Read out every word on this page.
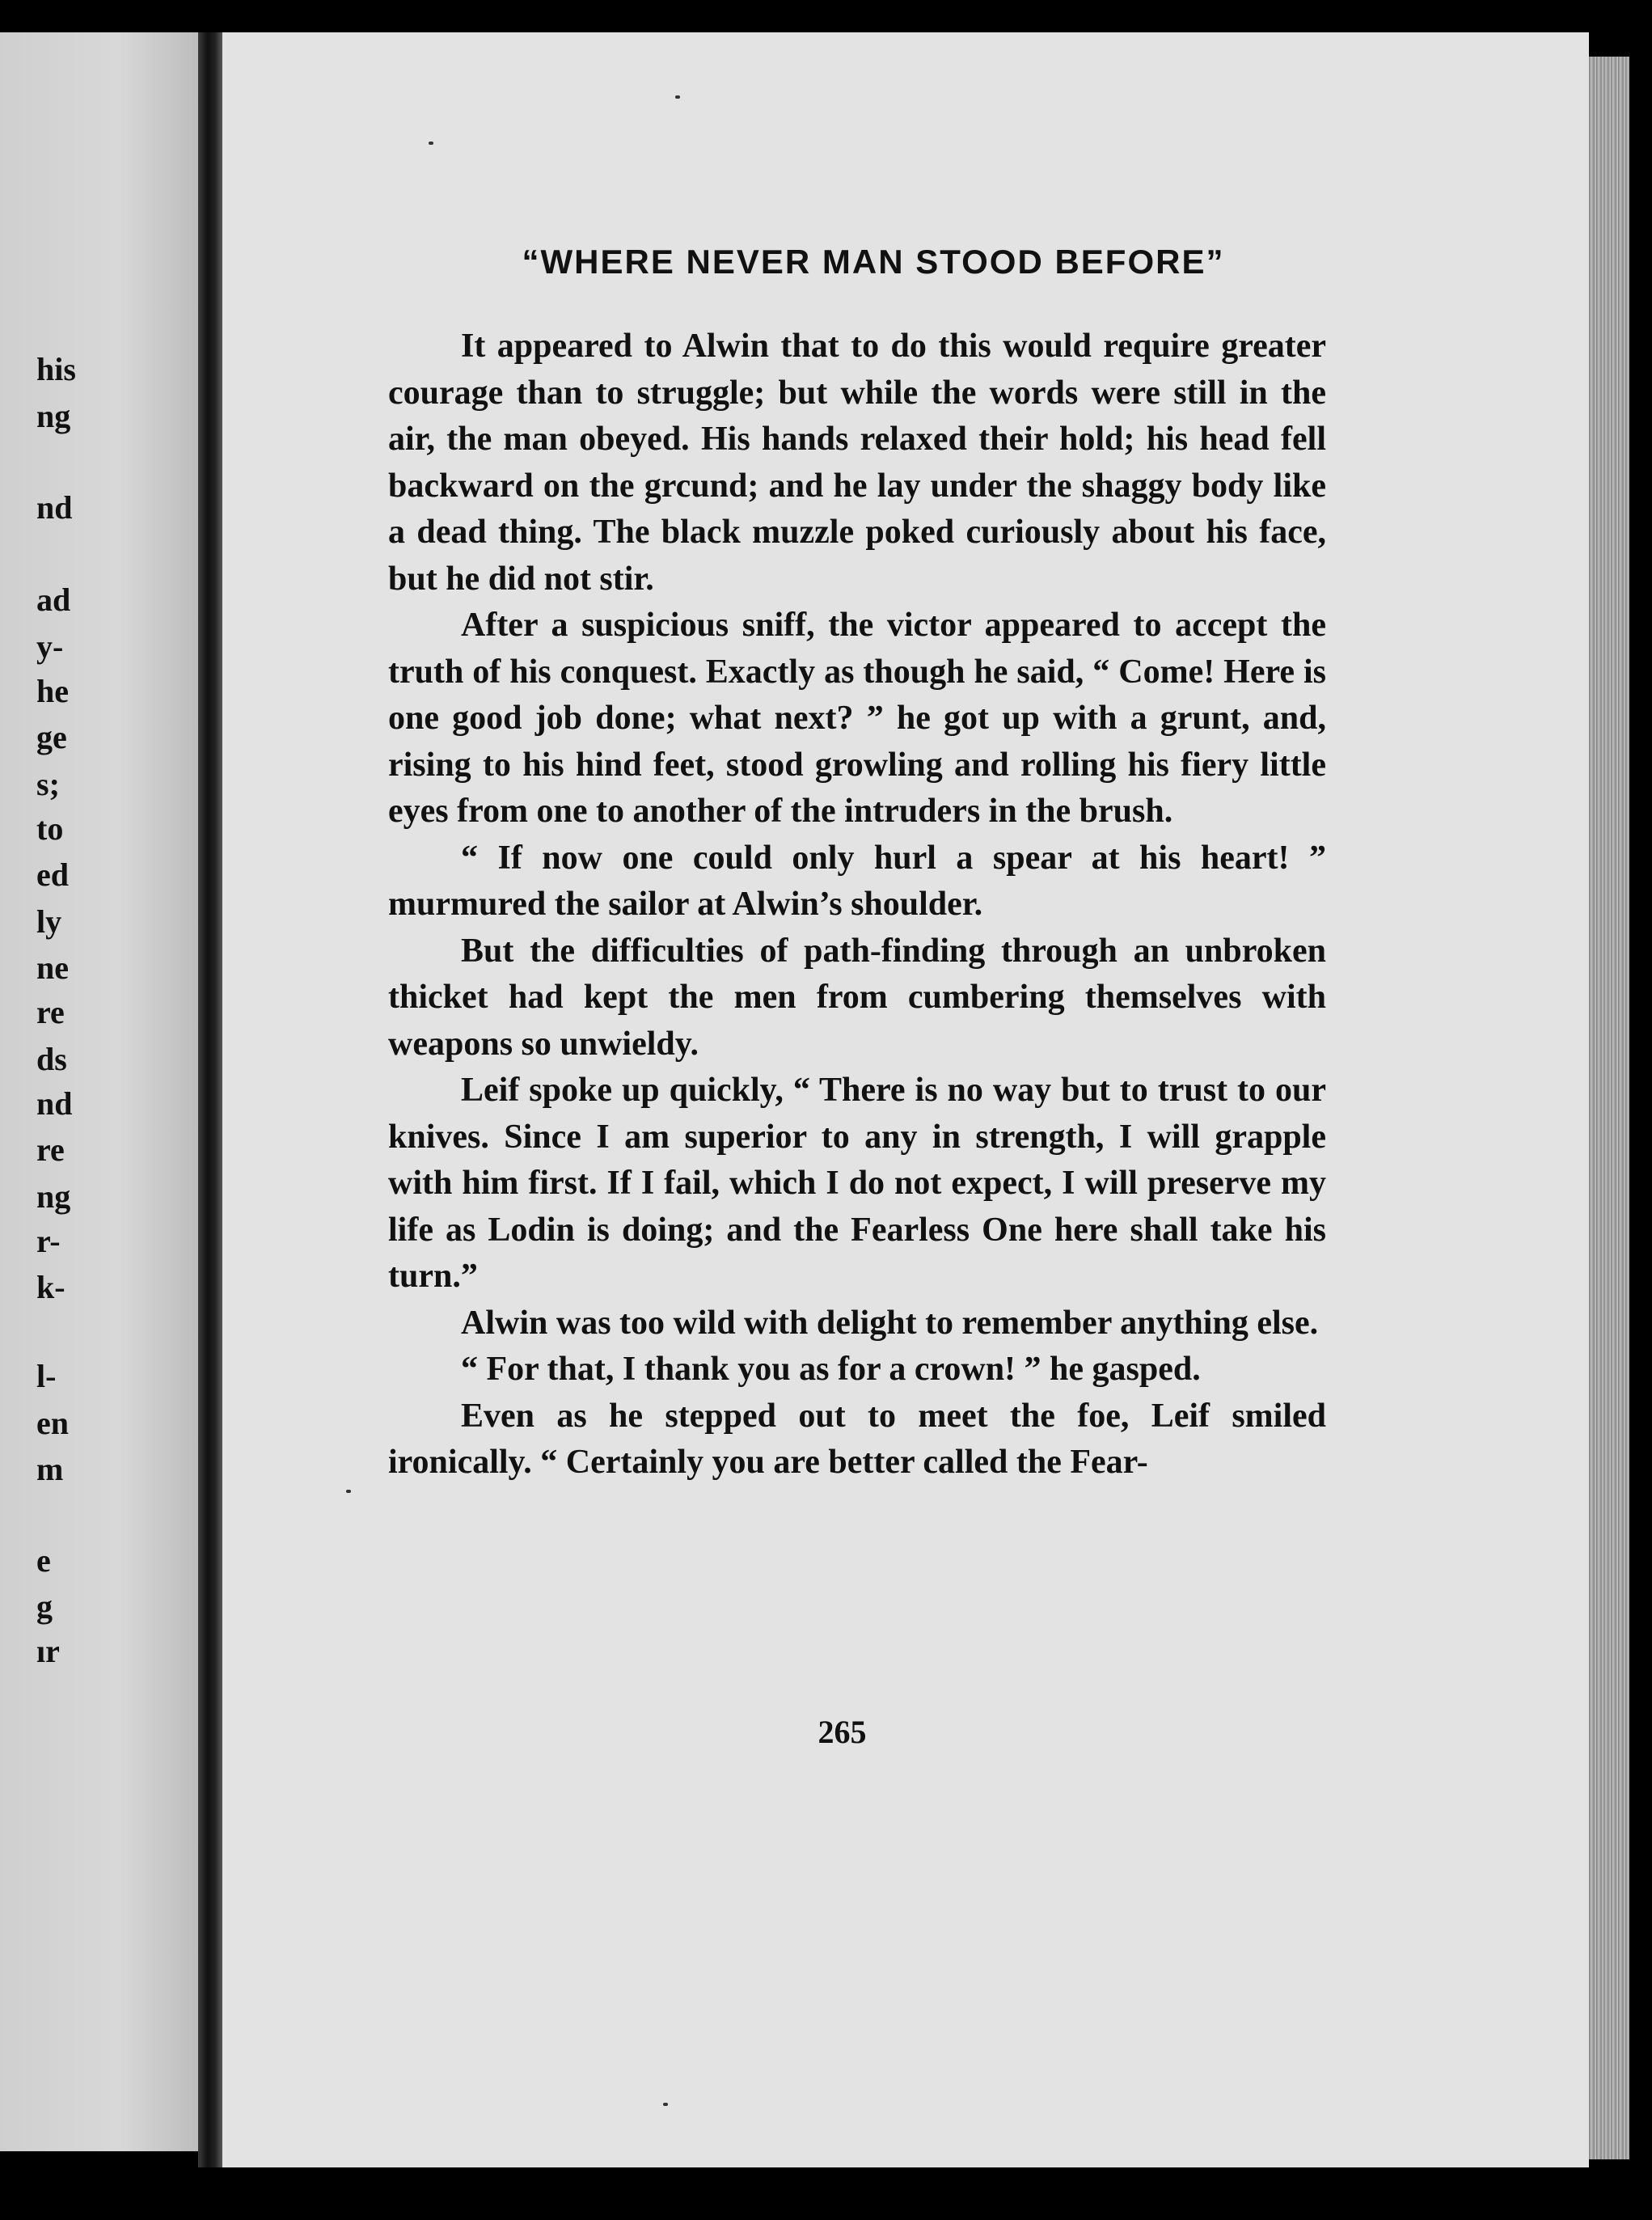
his
ng
nd
ad
y-
he
ge
s;
to
ed
ly
ne
re
ds
nd
re
ng
r-
k-
l-
en
m
e
g
ır
“WHERE NEVER MAN STOOD BEFORE”

It appeared to Alwin that to do this would require greater courage than to struggle; but while the words were still in the air, the man obeyed. His hands relaxed their hold; his head fell backward on the grcund; and he lay under the shaggy body like a dead thing. The black muzzle poked curiously about his face, but he did not stir.

After a suspicious sniff, the victor appeared to accept the truth of his conquest. Exactly as though he said, “ Come! Here is one good job done; what next? ” he got up with a grunt, and, rising to his hind feet, stood growling and rolling his fiery little eyes from one to another of the intruders in the brush.

“ If now one could only hurl a spear at his heart! ” murmured the sailor at Alwin’s shoulder.

But the difficulties of path-finding through an unbroken thicket had kept the men from cumbering themselves with weapons so unwieldy.

Leif spoke up quickly, “ There is no way but to trust to our knives. Since I am superior to any in strength, I will grapple with him first. If I fail, which I do not expect, I will preserve my life as Lodin is doing; and the Fearless One here shall take his turn.”

Alwin was too wild with delight to remember anything else.

“ For that, I thank you as for a crown! ” he gasped.

Even as he stepped out to meet the foe, Leif smiled ironically. “ Certainly you are better called the Fear-

265
